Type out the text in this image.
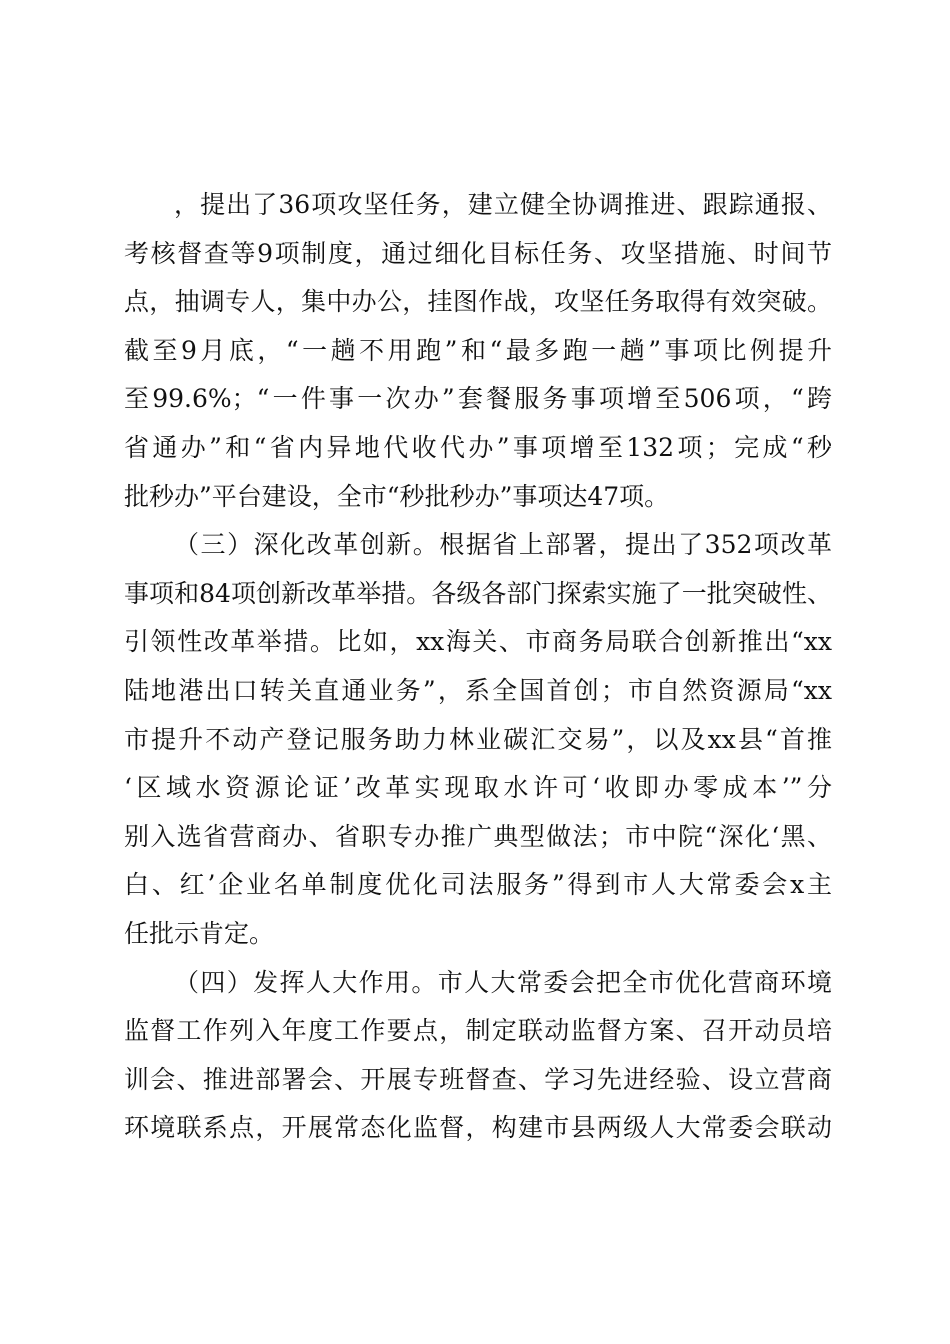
，提出了36项攻坚任务，建立健全协调推进、跟踪通报、
考核督查等9项制度，通过细化目标任务、攻坚措施、时间节
点，抽调专人，集中办公，挂图作战，攻坚任务取得有效突破。
截至9月底，“一趟不用跑”和“最多跑一趟”事项比例提升
至99.6%；“一件事一次办”套餐服务事项增至506项，“跨
省通办”和“省内异地代收代办”事项增至132项；完成“秒
批秒办”平台建设，全市“秒批秒办”事项达47项。
（三）深化改革创新。根据省上部署，提出了352项改革
事项和84项创新改革举措。各级各部门探索实施了一批突破性、
引领性改革举措。比如，xx海关、市商务局联合创新推出“xx
陆地港出口转关直通业务”，系全国首创；市自然资源局“xx
市提升不动产登记服务助力林业碳汇交易”，以及xx县“首推
‘区域水资源论证’改革实现取水许可‘收即办零成本’”分
别入选省营商办、省职专办推广典型做法；市中院“深化‘黑、
白、红’企业名单制度优化司法服务”得到市人大常委会x主
任批示肯定。
（四）发挥人大作用。市人大常委会把全市优化营商环境
监督工作列入年度工作要点，制定联动监督方案、召开动员培
训会、推进部署会、开展专班督查、学习先进经验、设立营商
环境联系点，开展常态化监督，构建市县两级人大常委会联动
